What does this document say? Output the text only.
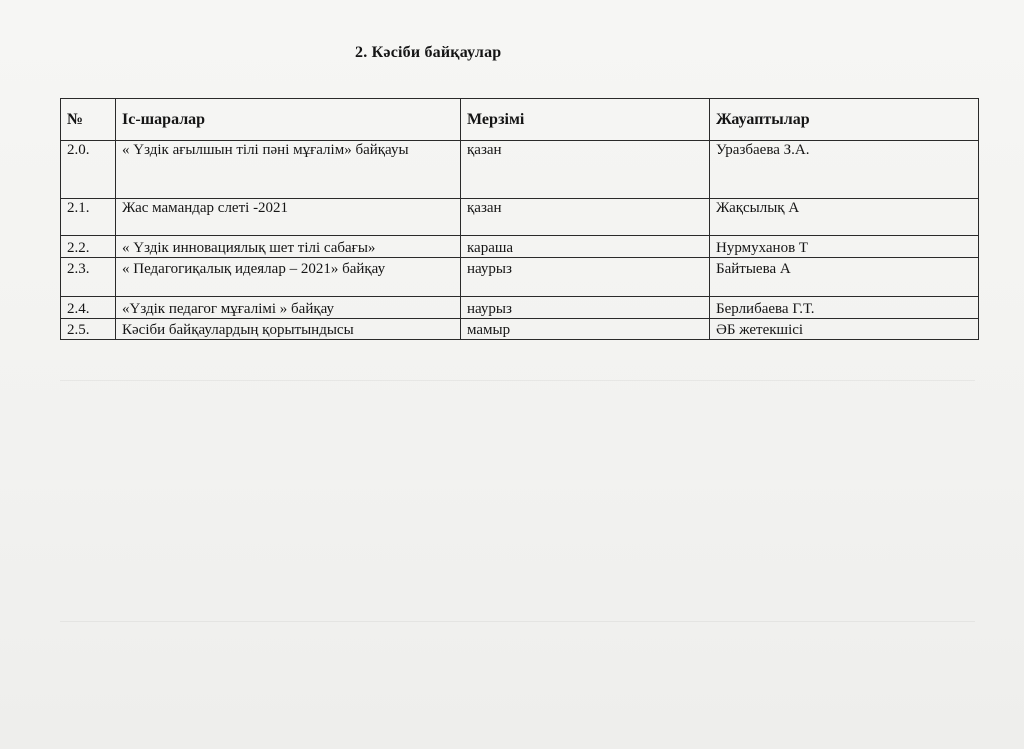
2. Кәсіби байқаулар
№	Іс-шаралар	Мерзімі	Жауаптылар
2.0.	« Үздік ағылшын тілі пәні мұғалім» байқауы	қазан	Уразбаева З.А.
2.1.	Жас мамандар слеті -2021	қазан	Жақсылық А
2.2.	« Үздік инновациялық шет тілі сабағы»	караша	Нурмуханов Т
2.3.	« Педагогиқалық идеялар – 2021» байқау	наурыз	Байтыева А
2.4.	«Үздік педагог мұғалімі » байқау	наурыз	Берлибаева Г.Т.
2.5.	Кәсіби байқаулардың қорытындысы	мамыр	ӘБ жетекшісі
